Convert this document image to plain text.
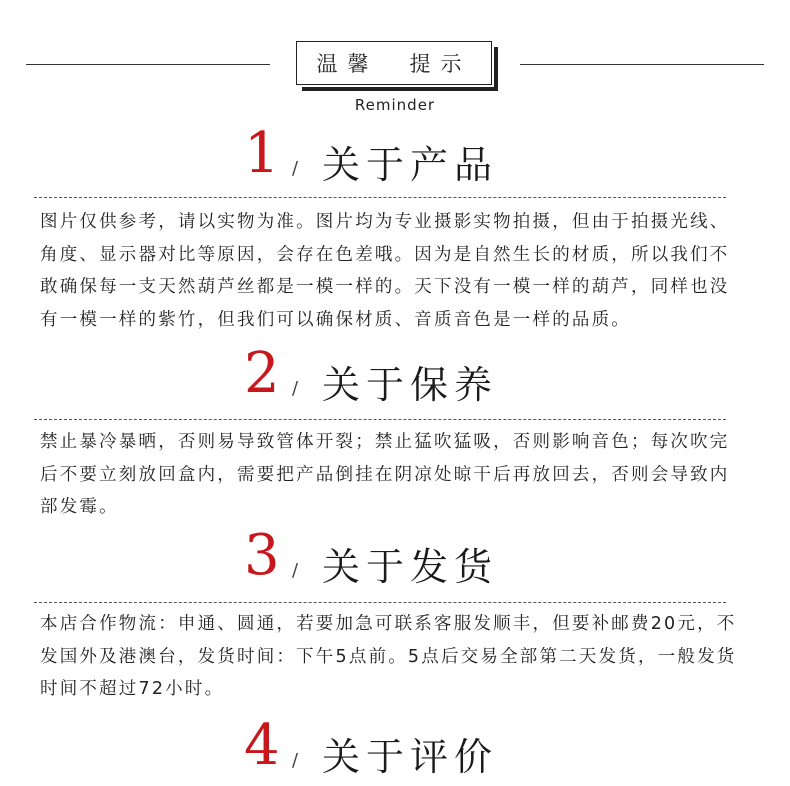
温馨　提示
Reminder
1 / 关于产品

图片仅供参考，请以实物为准。图片均为专业摄影实物拍摄，但由于拍摄光线、角度、显示器对比等原因，会存在色差哦。因为是自然生长的材质，所以我们不敢确保每一支天然葫芦丝都是一模一样的。天下没有一模一样的葫芦，同样也没有一模一样的紫竹，但我们可以确保材质、音质音色是一样的品质。

2 / 关于保养

禁止暴冷暴晒，否则易导致管体开裂；禁止猛吹猛吸，否则影响音色；每次吹完后不要立刻放回盒内，需要把产品倒挂在阴凉处晾干后再放回去，否则会导致内部发霉。

3 / 关于发货

本店合作物流：申通、圆通，若要加急可联系客服发顺丰，但要补邮费20元，不发国外及港澳台，发货时间：下午5点前。5点后交易全部第二天发货，一般发货时间不超过72小时。

4 / 关于评价
